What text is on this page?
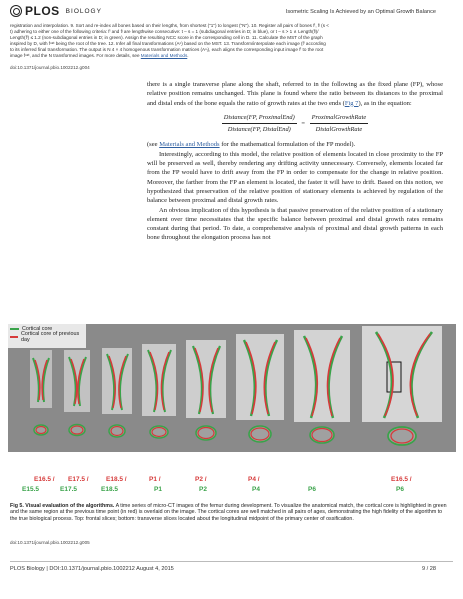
PLOS BIOLOGY	Isometric Scaling Is Achieved by an Optimal Growth Balance
registration and interpolation. 9. Sort and re-index all bones based on their lengths, from shortest ("1") to longest ("N"). 10. Register all pairs of bones fⁱ, fʲ (s <
t) adhering to either one of the following criteria: fⁱ and fʲ are lengthwise consecutive: t – s = 1 (subdiagonal entries in D; in blue), or t – s > 1 ∧ Length(fʲ)/
Length(fⁱ) ≤ 1.2 (non-subdiagonal entries in D; in green). Assign the resulting NCC score in the corresponding cell in D. 11. Calculate the MST of the graph
inspired by D, with fⁿᵉᵗ being the root of the tree. 12. Infer all final transformations (Aⁿ) based on the MST. 13. Transform/interpolate each image (fⁱ according
to its inferred final transformation. The output is N 4 × 4 homogenous transformation matrices (Aⁿᵢ), each aligns the corresponding input image fⁱ to the root
image fⁿᵉᵗ, and the N transformed images. For more details, see Materials and Methods.
doi:10.1371/journal.pbio.1002212.g004

there is a single transverse plane along the shaft, referred to in the following as the fixed plane (FP), whose relative position remains unchanged. This plane is found where the ratio between its distances to the proximal and distal ends of the bone equals the ratio of growth rates at the two ends (Fig 7), as in the equation:

$\frac{\text{Distance(FP, ProximalEnd)}}{\text{Distance(FP, DistalEnd)}} = \frac{\text{ProximalGrowthRate}}{\text{DistalGrowthRate}}$

(see Materials and Methods for the mathematical formulation of the FP model).

Interestingly, according to this model, the relative position of elements located in close proximity to the FP will be preserved as well, thereby rendering any drifting activity unnecessary. Conversely, elements located far from the FP would have to drift away from the FP in order to compensate for the change in relative position. Moreover, the farther from the FP an element is located, the faster it will have to drift. Based on this notion, we hypothesized that preservation of the relative position of stationary elements is achieved by regulation of the balance between proximal and distal growth rates.

An obvious implication of this hypothesis is that passive preservation of the relative position of a stationary element over time necessitates that the specific balance between proximal and distal growth rates remains constant during that period. To date, a comprehensive analysis of proximal and distal growth patterns in each bone throughout the elongation process has not

Cortical core
Cortical core of previous day
E16.5 / E17.5 /	E18.5 /	P1 /	P2 /	P4 /	E16.5 /
E15.5	E17.5	E18.5	P1	P2	P4	P6	P6
Fig 5. Visual evaluation of the algorithms. A time series of micro-CT images of the femur during development. To visualize the anatomical match, the cortical core is highlighted in green and the same region at the previous time point (in red) is overlaid on the image. The cortical cores are well matched in all pairs of ages, demonstrating the high fidelity of the algorithm to the true biological process. Top: frontal slices; bottom: transverse slices located about the longitudinal midpoint of the primary center of ossification.
doi:10.1371/journal.pbio.1002212.g005
PLOS Biology | DOI:10.1371/journal.pbio.1002212 August 4, 2015	9 / 28
